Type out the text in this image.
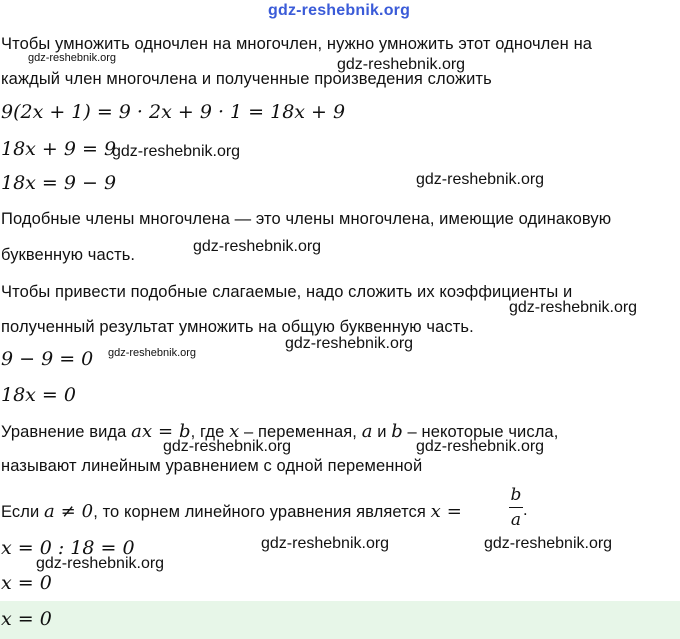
gdz-reshebnik.org
Чтобы умножить одночлен на многочлен, нужно умножить этот одночлен на
gdz-reshebnik.org	gdz-reshebnik.org
каждый член многочлена и полученные произведения сложить
9(2x + 1) = 9 · 2x + 9 · 1 = 18x + 9
18x + 9 = 9
gdz-reshebnik.org
18x = 9 − 9	gdz-reshebnik.org
Подобные члены многочлена — это члены многочлена, имеющие одинаковую
gdz-reshebnik.org
буквенную часть.
Чтобы привести подобные слагаемые, надо сложить их коэффициенты и
gdz-reshebnik.org
полученный результат умножить на общую буквенную часть.
gdz-reshebnik.org
9 − 9 = 0 gdz-reshebnik.org
18x = 0
Уравнение вида ax = b, где x – переменная, a и b – некоторые числа,
gdz-reshebnik.org	gdz-reshebnik.org
называют линейным уравнением с одной переменной
Если a ≠ 0, то корнем линейного уравнения является x =
b
a .
x = 0 : 18 = 0	gdz-reshebnik.org	gdz-reshebnik.org
gdz-reshebnik.org
x = 0
x = 0
